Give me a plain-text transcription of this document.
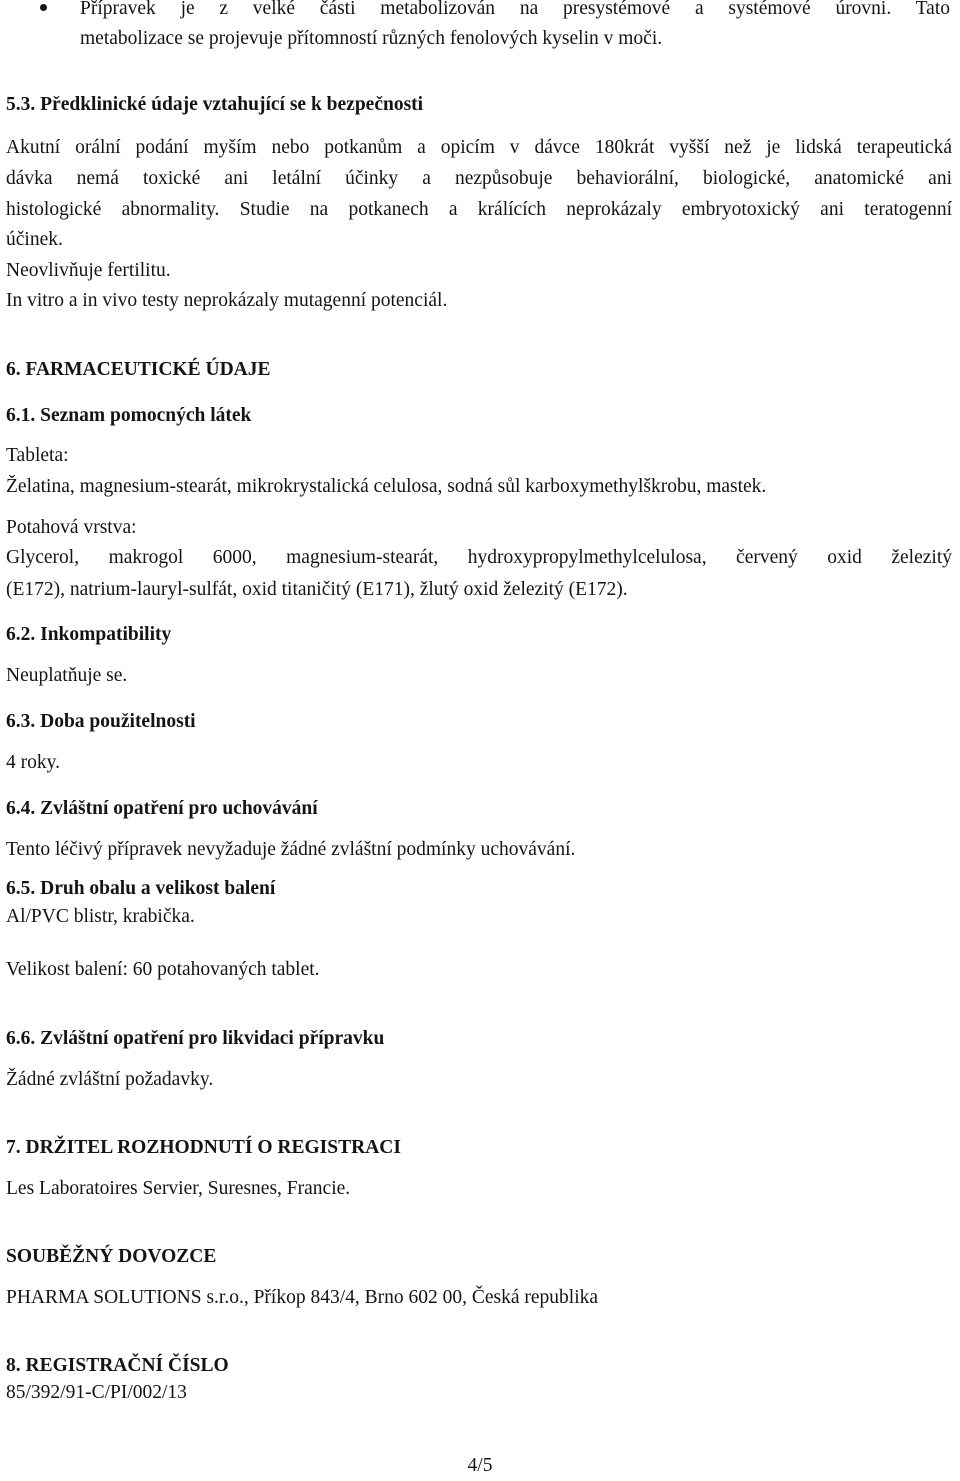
Přípravek je z velké části metabolizován na presystémové a systémové úrovni. Tato
metabolizace se projevuje přítomností různých fenolových kyselin v moči.
5.3. Předklinické údaje vztahující se k bezpečnosti
Akutní orální podání myším nebo potkanům a opicím v dávce 180krát vyšší než je lidská terapeutická
dávka nemá toxické ani letální účinky a nezpůsobuje behaviorální, biologické, anatomické ani
histologické abnormality. Studie na potkanech a králících neprokázaly embryotoxický ani teratogenní
účinek.
Neovlivňuje fertilitu.
In vitro a in vivo testy neprokázaly mutagenní potenciál.
6. FARMACEUTICKÉ ÚDAJE
6.1. Seznam pomocných látek
Tableta:
Želatina, magnesium-stearát, mikrokrystalická celulosa, sodná sůl karboxymethylškrobu, mastek.
Potahová vrstva:
Glycerol, makrogol 6000, magnesium-stearát, hydroxypropylmethylcelulosa, červený oxid železitý
(E172), natrium-lauryl-sulfát, oxid titaničitý (E171), žlutý oxid železitý (E172).
6.2. Inkompatibility
Neuplatňuje se.
6.3. Doba použitelnosti
4 roky.
6.4. Zvláštní opatření pro uchovávání
Tento léčivý přípravek nevyžaduje žádné zvláštní podmínky uchovávání.
6.5. Druh obalu a velikost balení
Al/PVC blistr, krabička.
Velikost balení: 60 potahovaných tablet.
6.6. Zvláštní opatření pro likvidaci přípravku
Žádné zvláštní požadavky.
7. DRŽITEL ROZHODNUTÍ O REGISTRACI
Les Laboratoires Servier, Suresnes, Francie.
SOUBĚŽNÝ DOVOZCE
PHARMA SOLUTIONS s.r.o., Příkop 843/4, Brno 602 00, Česká republika
8. REGISTRAČNÍ ČÍSLO
85/392/91-C/PI/002/13
4/5
